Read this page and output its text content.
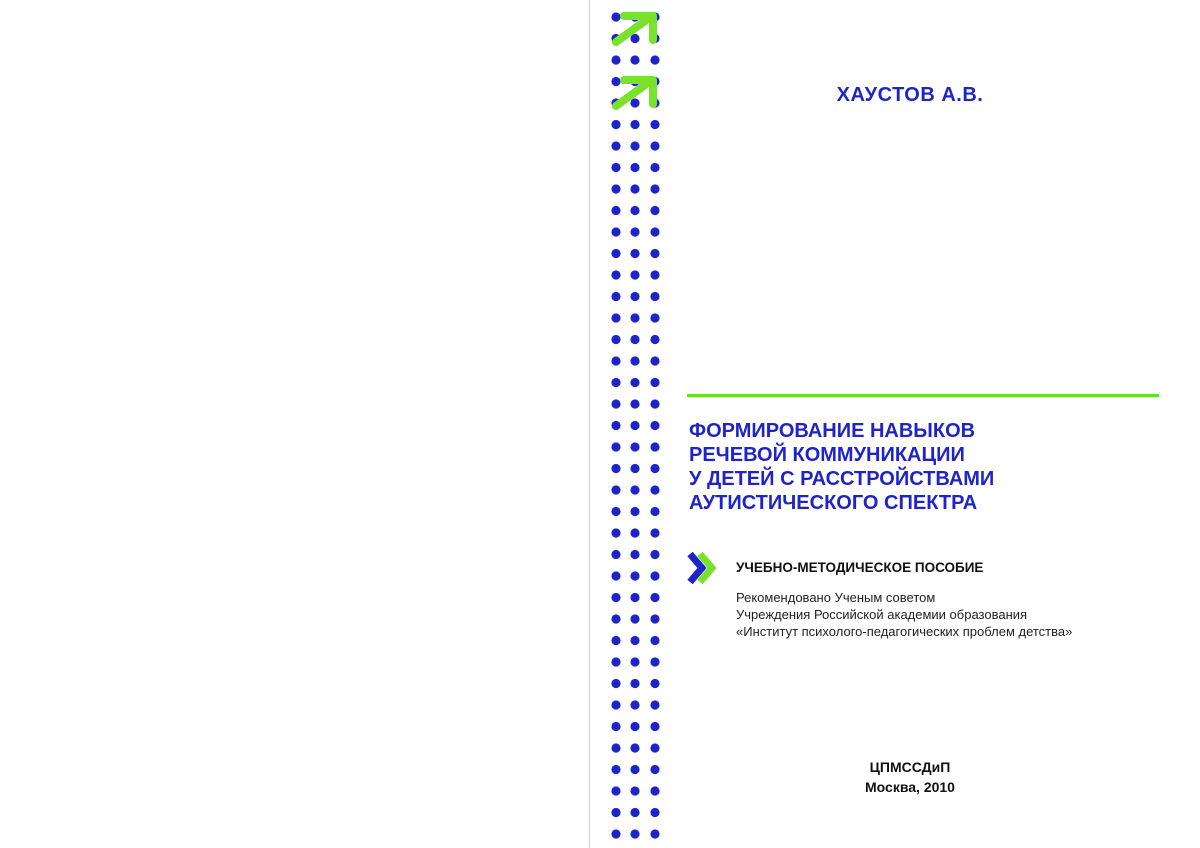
ХАУСТОВ А.В.
ФОРМИРОВАНИЕ НАВЫКОВ
РЕЧЕВОЙ КОММУНИКАЦИИ
У ДЕТЕЙ С РАССТРОЙСТВАМИ
АУТИСТИЧЕСКОГО СПЕКТРА

УЧЕБНО-МЕТОДИЧЕСКОЕ ПОСОБИЕ

Рекомендовано Ученым советом
Учреждения Российской академии образования
«Институт психолого-педагогических проблем детства»

ЦПМССДиП
Москва, 2010
